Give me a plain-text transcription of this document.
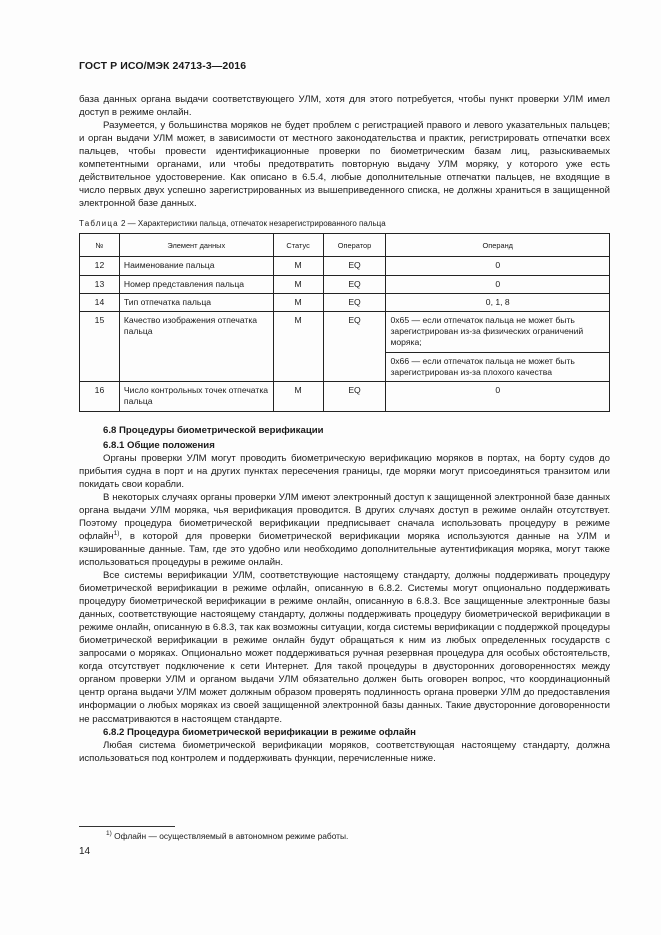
ГОСТ Р ИСО/МЭК 24713-3—2016

база данных органа выдачи соответствующего УЛМ, хотя для этого потребуется, чтобы пункт проверки УЛМ имел доступ в режиме онлайн.

Разумеется, у большинства моряков не будет проблем с регистрацией правого и левого указательных пальцев; и орган выдачи УЛМ может, в зависимости от местного законодательства и практик, регистрировать отпечатки всех пальцев, чтобы провести идентификационные проверки по биометрическим базам лиц, разыскиваемых компетентными органами, или чтобы предотвратить повторную выдачу УЛМ моряку, у которого уже есть действительное удостоверение. Как описано в 6.5.4, любые дополнительные отпечатки пальцев, не входящие в число первых двух успешно зарегистрированных из вышеприведенного списка, не должны храниться в защищенной электронной базе данных.

Таблица 2 — Характеристики пальца, отпечаток незарегистрированного пальца
№	Элемент данных	Статус	Оператор	Операнд
12	Наименование пальца	M	EQ	0
13	Номер представления пальца	M	EQ	0
14	Тип отпечатка пальца	M	EQ	0, 1, 8
15	Качество изображения отпечатка пальца	M	EQ	0x65 — если отпечаток пальца не может быть зарегистрирован из-за физических ограничений моряка;
0x66 — если отпечаток пальца не может быть зарегистрирован из-за плохого качества

16	Число контрольных точек отпечатка пальца	M	EQ	0

6.8 Процедуры биометрической верификации

6.8.1 Общие положения

Органы проверки УЛМ могут проводить биометрическую верификацию моряков в портах, на борту судов до прибытия судна в порт и на других пунктах пересечения границы, где моряки могут присоединяться транзитом или покидать свои корабли.

В некоторых случаях органы проверки УЛМ имеют электронный доступ к защищенной электронной базе данных органа выдачи УЛМ моряка, чья верификация проводится. В других случаях доступ в режиме онлайн отсутствует. Поэтому процедура биометрической верификации предписывает сначала использовать процедуру в режиме офлайн$^{1)}$, в которой для проверки биометрической верификации моряка используются данные на УЛМ и кэшированные данные. Там, где это удобно или необходимо дополнительные аутентификация моряка, могут также использоваться процедуры в режиме онлайн.

Все системы верификации УЛМ, соответствующие настоящему стандарту, должны поддерживать процедуру биометрической верификации в режиме офлайн, описанную в 6.8.2. Системы могут опционально поддерживать процедуру биометрической верификации в режиме онлайн, описанную в 6.8.3. Все защищенные электронные базы данных, соответствующие настоящему стандарту, должны поддерживать процедуру биометрической верификации в режиме онлайн, описанную в 6.8.3, так как возможны ситуации, когда системы верификации с поддержкой процедуры биометрической верификации в режиме онлайн будут обращаться к ним из любых определенных государств с запросами о моряках. Опционально может поддерживаться ручная резервная процедура для особых обстоятельств, когда отсутствует подключение к сети Интернет. Для такой процедуры в двусторонних договоренностях между органом проверки УЛМ и органом выдачи УЛМ обязательно должен быть оговорен вопрос, что координационный центр органа выдачи УЛМ может должным образом проверять подлинность органа проверки УЛМ до предоставления информации о любых моряках из своей защищенной электронной базы данных. Такие двусторонние договоренности не рассматриваются в настоящем стандарте.

6.8.2 Процедура биометрической верификации в режиме офлайн

Любая система биометрической верификации моряков, соответствующая настоящему стандарту, должна использоваться под контролем и поддерживать функции, перечисленные ниже.

$^{1)}$ Офлайн — осуществляемый в автономном режиме работы.
14
